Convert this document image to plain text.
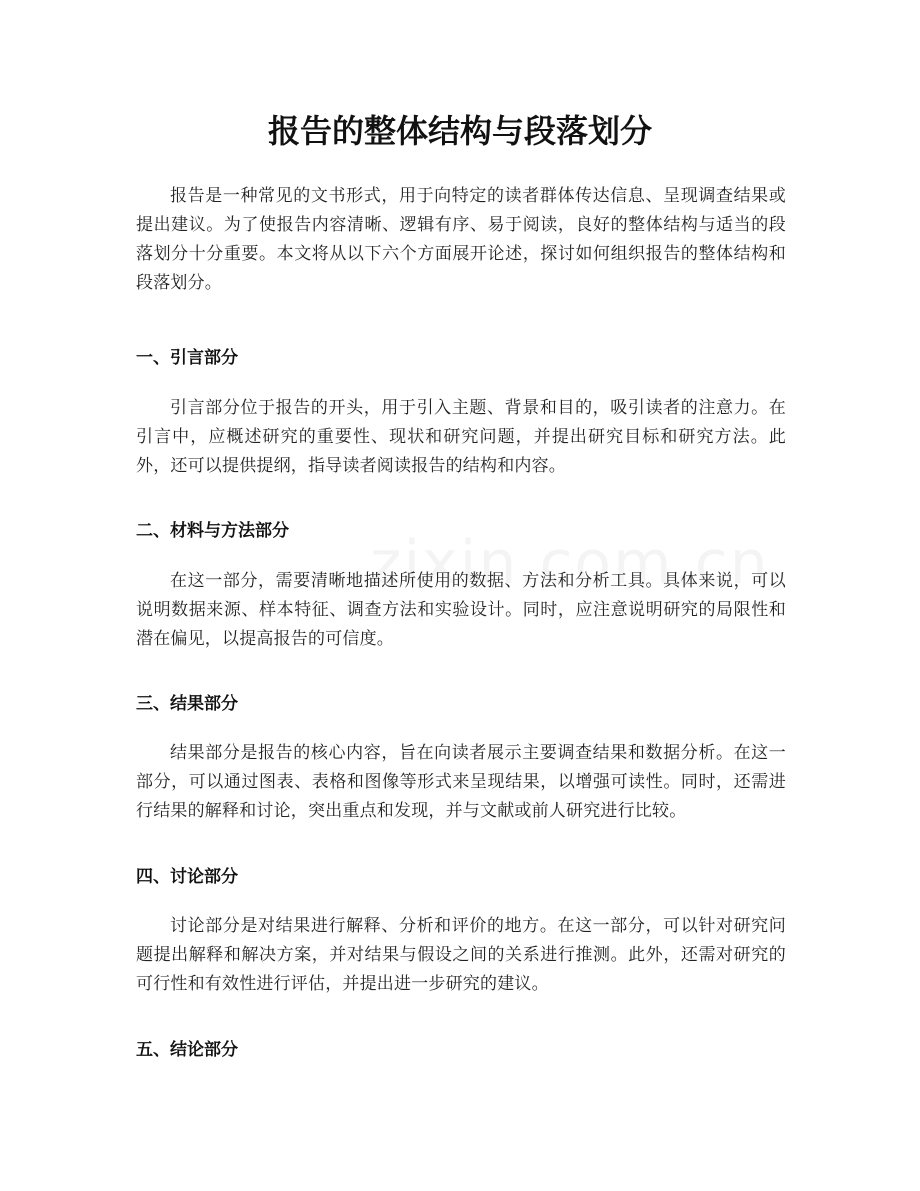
报告的整体结构与段落划分

报告是一种常见的文书形式，用于向特定的读者群体传达信息、呈现调查结果或提出建议。为了使报告内容清晰、逻辑有序、易于阅读，良好的整体结构与适当的段落划分十分重要。本文将从以下六个方面展开论述，探讨如何组织报告的整体结构和段落划分。

一、引言部分

引言部分位于报告的开头，用于引入主题、背景和目的，吸引读者的注意力。在引言中，应概述研究的重要性、现状和研究问题，并提出研究目标和研究方法。此外，还可以提供提纲，指导读者阅读报告的结构和内容。

二、材料与方法部分

在这一部分，需要清晰地描述所使用的数据、方法和分析工具。具体来说，可以说明数据来源、样本特征、调查方法和实验设计。同时，应注意说明研究的局限性和潜在偏见，以提高报告的可信度。

三、结果部分

结果部分是报告的核心内容，旨在向读者展示主要调查结果和数据分析。在这一部分，可以通过图表、表格和图像等形式来呈现结果，以增强可读性。同时，还需进行结果的解释和讨论，突出重点和发现，并与文献或前人研究进行比较。

四、讨论部分

讨论部分是对结果进行解释、分析和评价的地方。在这一部分，可以针对研究问题提出解释和解决方案，并对结果与假设之间的关系进行推测。此外，还需对研究的可行性和有效性进行评估，并提出进一步研究的建议。

五、结论部分
